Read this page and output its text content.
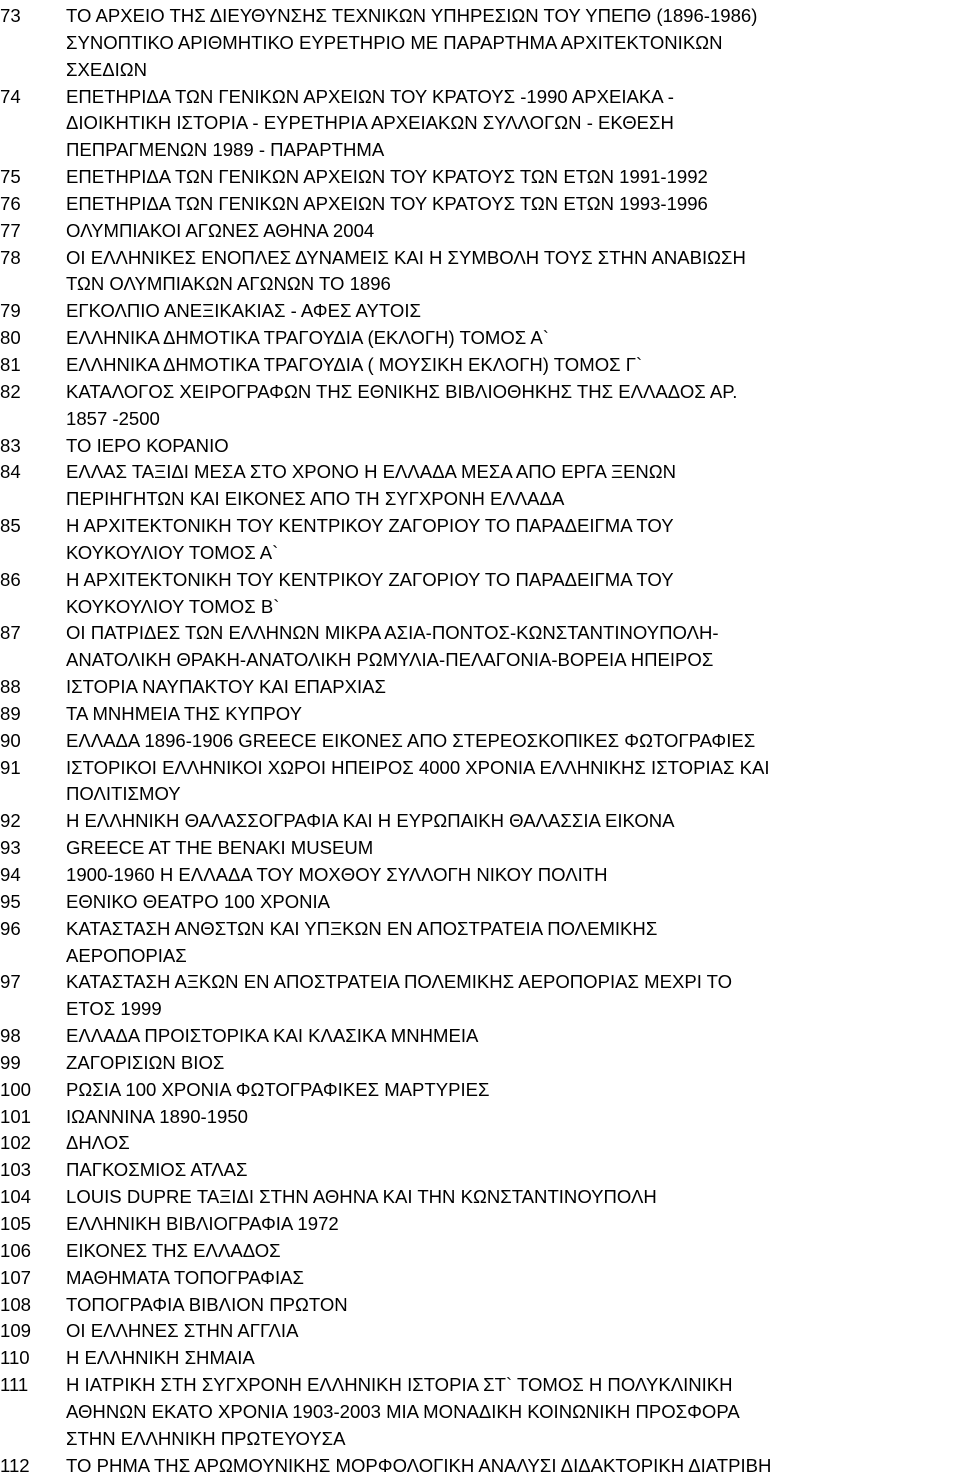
73	ΤΟ ΑΡΧΕΙΟ ΤΗΣ ΔΙΕΥΘΥΝΣΗΣ ΤΕΧΝΙΚΩΝ ΥΠΗΡΕΣΙΩΝ ΤΟΥ ΥΠΕΠΘ (1896-1986)
ΣΥΝΟΠΤΙΚΟ ΑΡΙΘΜΗΤΙΚΟ ΕΥΡΕΤΗΡΙΟ ΜΕ ΠΑΡΑΡΤΗΜΑ ΑΡΧΙΤΕΚΤΟΝΙΚΩΝ
ΣΧΕΔΙΩΝ
74	ΕΠΕΤΗΡΙΔΑ ΤΩΝ ΓΕΝΙΚΩΝ ΑΡΧΕΙΩΝ ΤΟΥ ΚΡΑΤΟΥΣ -1990 ΑΡΧΕΙΑΚΑ -
ΔΙΟΙΚΗΤΙΚΗ ΙΣΤΟΡΙΑ - ΕΥΡΕΤΗΡΙΑ ΑΡΧΕΙΑΚΩΝ ΣΥΛΛΟΓΩΝ - ΕΚΘΕΣΗ
ΠΕΠΡΑΓΜΕΝΩΝ 1989 - ΠΑΡΑΡΤΗΜΑ
75	ΕΠΕΤΗΡΙΔΑ ΤΩΝ ΓΕΝΙΚΩΝ ΑΡΧΕΙΩΝ ΤΟΥ ΚΡΑΤΟΥΣ ΤΩΝ ΕΤΩΝ 1991-1992
76	ΕΠΕΤΗΡΙΔΑ ΤΩΝ ΓΕΝΙΚΩΝ ΑΡΧΕΙΩΝ ΤΟΥ ΚΡΑΤΟΥΣ ΤΩΝ ΕΤΩΝ 1993-1996
77	ΟΛΥΜΠΙΑΚΟΙ ΑΓΩΝΕΣ ΑΘΗΝΑ 2004
78	ΟΙ ΕΛΛΗΝΙΚΕΣ ΕΝΟΠΛΕΣ ΔΥΝΑΜΕΙΣ ΚΑΙ Η ΣΥΜΒΟΛΗ ΤΟΥΣ ΣΤΗΝ ΑΝΑΒΙΩΣΗ
ΤΩΝ ΟΛΥΜΠΙΑΚΩΝ ΑΓΩΝΩΝ ΤΟ 1896
79	ΕΓΚΟΛΠΙΟ ΑΝΕΞΙΚΑΚΙΑΣ - ΑΦΕΣ ΑΥΤΟΙΣ
80	ΕΛΛΗΝΙΚΑ ΔΗΜΟΤΙΚΑ ΤΡΑΓΟΥΔΙΑ (ΕΚΛΟΓΗ) ΤΟΜΟΣ Α`
81	ΕΛΛΗΝΙΚΑ ΔΗΜΟΤΙΚΑ ΤΡΑΓΟΥΔΙΑ ( ΜΟΥΣΙΚΗ ΕΚΛΟΓΗ) ΤΟΜΟΣ Γ`
82	ΚΑΤΑΛΟΓΟΣ ΧΕΙΡΟΓΡΑΦΩΝ ΤΗΣ ΕΘΝΙΚΗΣ ΒΙΒΛΙΟΘΗΚΗΣ ΤΗΣ ΕΛΛΑΔΟΣ ΑΡ.
1857 -2500
83	ΤΟ ΙΕΡΟ ΚΟΡΑΝΙΟ
84	ΕΛΛΑΣ ΤΑΞΙΔΙ ΜΕΣΑ ΣΤΟ ΧΡΟΝΟ Η ΕΛΛΑΔΑ ΜΕΣΑ ΑΠΟ ΕΡΓΑ ΞΕΝΩΝ
ΠΕΡΙΗΓΗΤΩΝ ΚΑΙ ΕΙΚΟΝΕΣ ΑΠΟ ΤΗ ΣΥΓΧΡΟΝΗ ΕΛΛΑΔΑ
85	Η ΑΡΧΙΤΕΚΤΟΝΙΚΗ ΤΟΥ ΚΕΝΤΡΙΚΟΥ ΖΑΓΟΡΙΟΥ ΤΟ ΠΑΡΑΔΕΙΓΜΑ ΤΟΥ
ΚΟΥΚΟΥΛΙΟΥ ΤΟΜΟΣ Α`
86	Η ΑΡΧΙΤΕΚΤΟΝΙΚΗ ΤΟΥ ΚΕΝΤΡΙΚΟΥ ΖΑΓΟΡΙΟΥ ΤΟ ΠΑΡΑΔΕΙΓΜΑ ΤΟΥ
ΚΟΥΚΟΥΛΙΟΥ ΤΟΜΟΣ Β`
87	ΟΙ ΠΑΤΡΙΔΕΣ ΤΩΝ ΕΛΛΗΝΩΝ ΜΙΚΡΑ ΑΣΙΑ-ΠΟΝΤΟΣ-ΚΩΝΣΤΑΝΤΙΝΟΥΠΟΛΗ-
ΑΝΑΤΟΛΙΚΗ ΘΡΑΚΗ-ΑΝΑΤΟΛΙΚΗ ΡΩΜΥΛΙΑ-ΠΕΛΑΓΟΝΙΑ-ΒΟΡΕΙΑ ΗΠΕΙΡΟΣ
88	ΙΣΤΟΡΙΑ ΝΑΥΠΑΚΤΟΥ ΚΑΙ ΕΠΑΡΧΙΑΣ
89	ΤΑ ΜΝΗΜΕΙΑ ΤΗΣ ΚΥΠΡΟΥ
90	ΕΛΛΑΔΑ 1896-1906 GREECE ΕΙΚΟΝΕΣ ΑΠΟ ΣΤΕΡΕΟΣΚΟΠΙΚΕΣ ΦΩΤΟΓΡΑΦΙΕΣ
91	ΙΣΤΟΡΙΚΟΙ ΕΛΛΗΝΙΚΟΙ ΧΩΡΟΙ ΗΠΕΙΡΟΣ 4000 ΧΡΟΝΙΑ ΕΛΛΗΝΙΚΗΣ ΙΣΤΟΡΙΑΣ ΚΑΙ
ΠΟΛΙΤΙΣΜΟΥ
92	Η ΕΛΛΗΝΙΚΗ ΘΑΛΑΣΣΟΓΡΑΦΙΑ ΚΑΙ Η ΕΥΡΩΠΑΙΚΗ ΘΑΛΑΣΣΙΑ ΕΙΚΟΝΑ
93	GREECE AT THE BENAKI MUSEUM
94	1900-1960 Η ΕΛΛΑΔΑ ΤΟΥ ΜΟΧΘΟΥ ΣΥΛΛΟΓΗ ΝΙΚΟΥ ΠΟΛΙΤΗ
95	ΕΘΝΙΚΟ ΘΕΑΤΡΟ 100 ΧΡΟΝΙΑ
96	ΚΑΤΑΣΤΑΣΗ ΑΝΘΣΤΩΝ ΚΑΙ ΥΠΞΚΩΝ ΕΝ ΑΠΟΣΤΡΑΤΕΙΑ ΠΟΛΕΜΙΚΗΣ
ΑΕΡΟΠΟΡΙΑΣ
97	ΚΑΤΑΣΤΑΣΗ ΑΞΚΩΝ ΕΝ ΑΠΟΣΤΡΑΤΕΙΑ ΠΟΛΕΜΙΚΗΣ ΑΕΡΟΠΟΡΙΑΣ ΜΕΧΡΙ ΤΟ
ΕΤΟΣ 1999
98	ΕΛΛΑΔΑ ΠΡΟΙΣΤΟΡΙΚΑ ΚΑΙ ΚΛΑΣΙΚΑ ΜΝΗΜΕΙΑ
99	ΖΑΓΟΡΙΣΙΩΝ ΒΙΟΣ
100	ΡΩΣΙΑ 100 ΧΡΟΝΙΑ ΦΩΤΟΓΡΑΦΙΚΕΣ ΜΑΡΤΥΡΙΕΣ
101	ΙΩΑΝΝΙΝΑ 1890-1950
102	ΔΗΛΟΣ
103	ΠΑΓΚΟΣΜΙΟΣ ΑΤΛΑΣ
104	LOUIS DUPRE ΤΑΞΙΔΙ ΣΤΗΝ ΑΘΗΝΑ ΚΑΙ ΤΗΝ ΚΩΝΣΤΑΝΤΙΝΟΥΠΟΛΗ
105	ΕΛΛΗΝΙΚΗ ΒΙΒΛΙΟΓΡΑΦΙΑ 1972
106	ΕΙΚΟΝΕΣ ΤΗΣ ΕΛΛΑΔΟΣ
107	ΜΑΘΗΜΑΤΑ ΤΟΠΟΓΡΑΦΙΑΣ
108	ΤΟΠΟΓΡΑΦΙΑ ΒΙΒΛΙΟΝ ΠΡΩΤΟΝ
109	ΟΙ ΕΛΛΗΝΕΣ ΣΤΗΝ ΑΓΓΛΙΑ
110	Η ΕΛΛΗΝΙΚΗ ΣΗΜΑΙΑ
111	Η ΙΑΤΡΙΚΗ ΣΤΗ ΣΥΓΧΡΟΝΗ ΕΛΛΗΝΙΚΗ ΙΣΤΟΡΙΑ ΣΤ` ΤΟΜΟΣ Η ΠΟΛΥΚΛΙΝΙΚΗ
ΑΘΗΝΩΝ ΕΚΑΤΟ ΧΡΟΝΙΑ 1903-2003 ΜΙΑ ΜΟΝΑΔΙΚΗ ΚΟΙΝΩΝΙΚΗ ΠΡΟΣΦΟΡΑ
ΣΤΗΝ ΕΛΛΗΝΙΚΗ ΠΡΩΤΕΥΟΥΣΑ
112	ΤΟ ΡΗΜΑ ΤΗΣ ΑΡΩΜΟΥΝΙΚΗΣ ΜΟΡΦΟΛΟΓΙΚΗ ΑΝΑΛΥΣΙ ΔΙΔΑΚΤΟΡΙΚΗ ΔΙΑΤΡΙΒΗ
